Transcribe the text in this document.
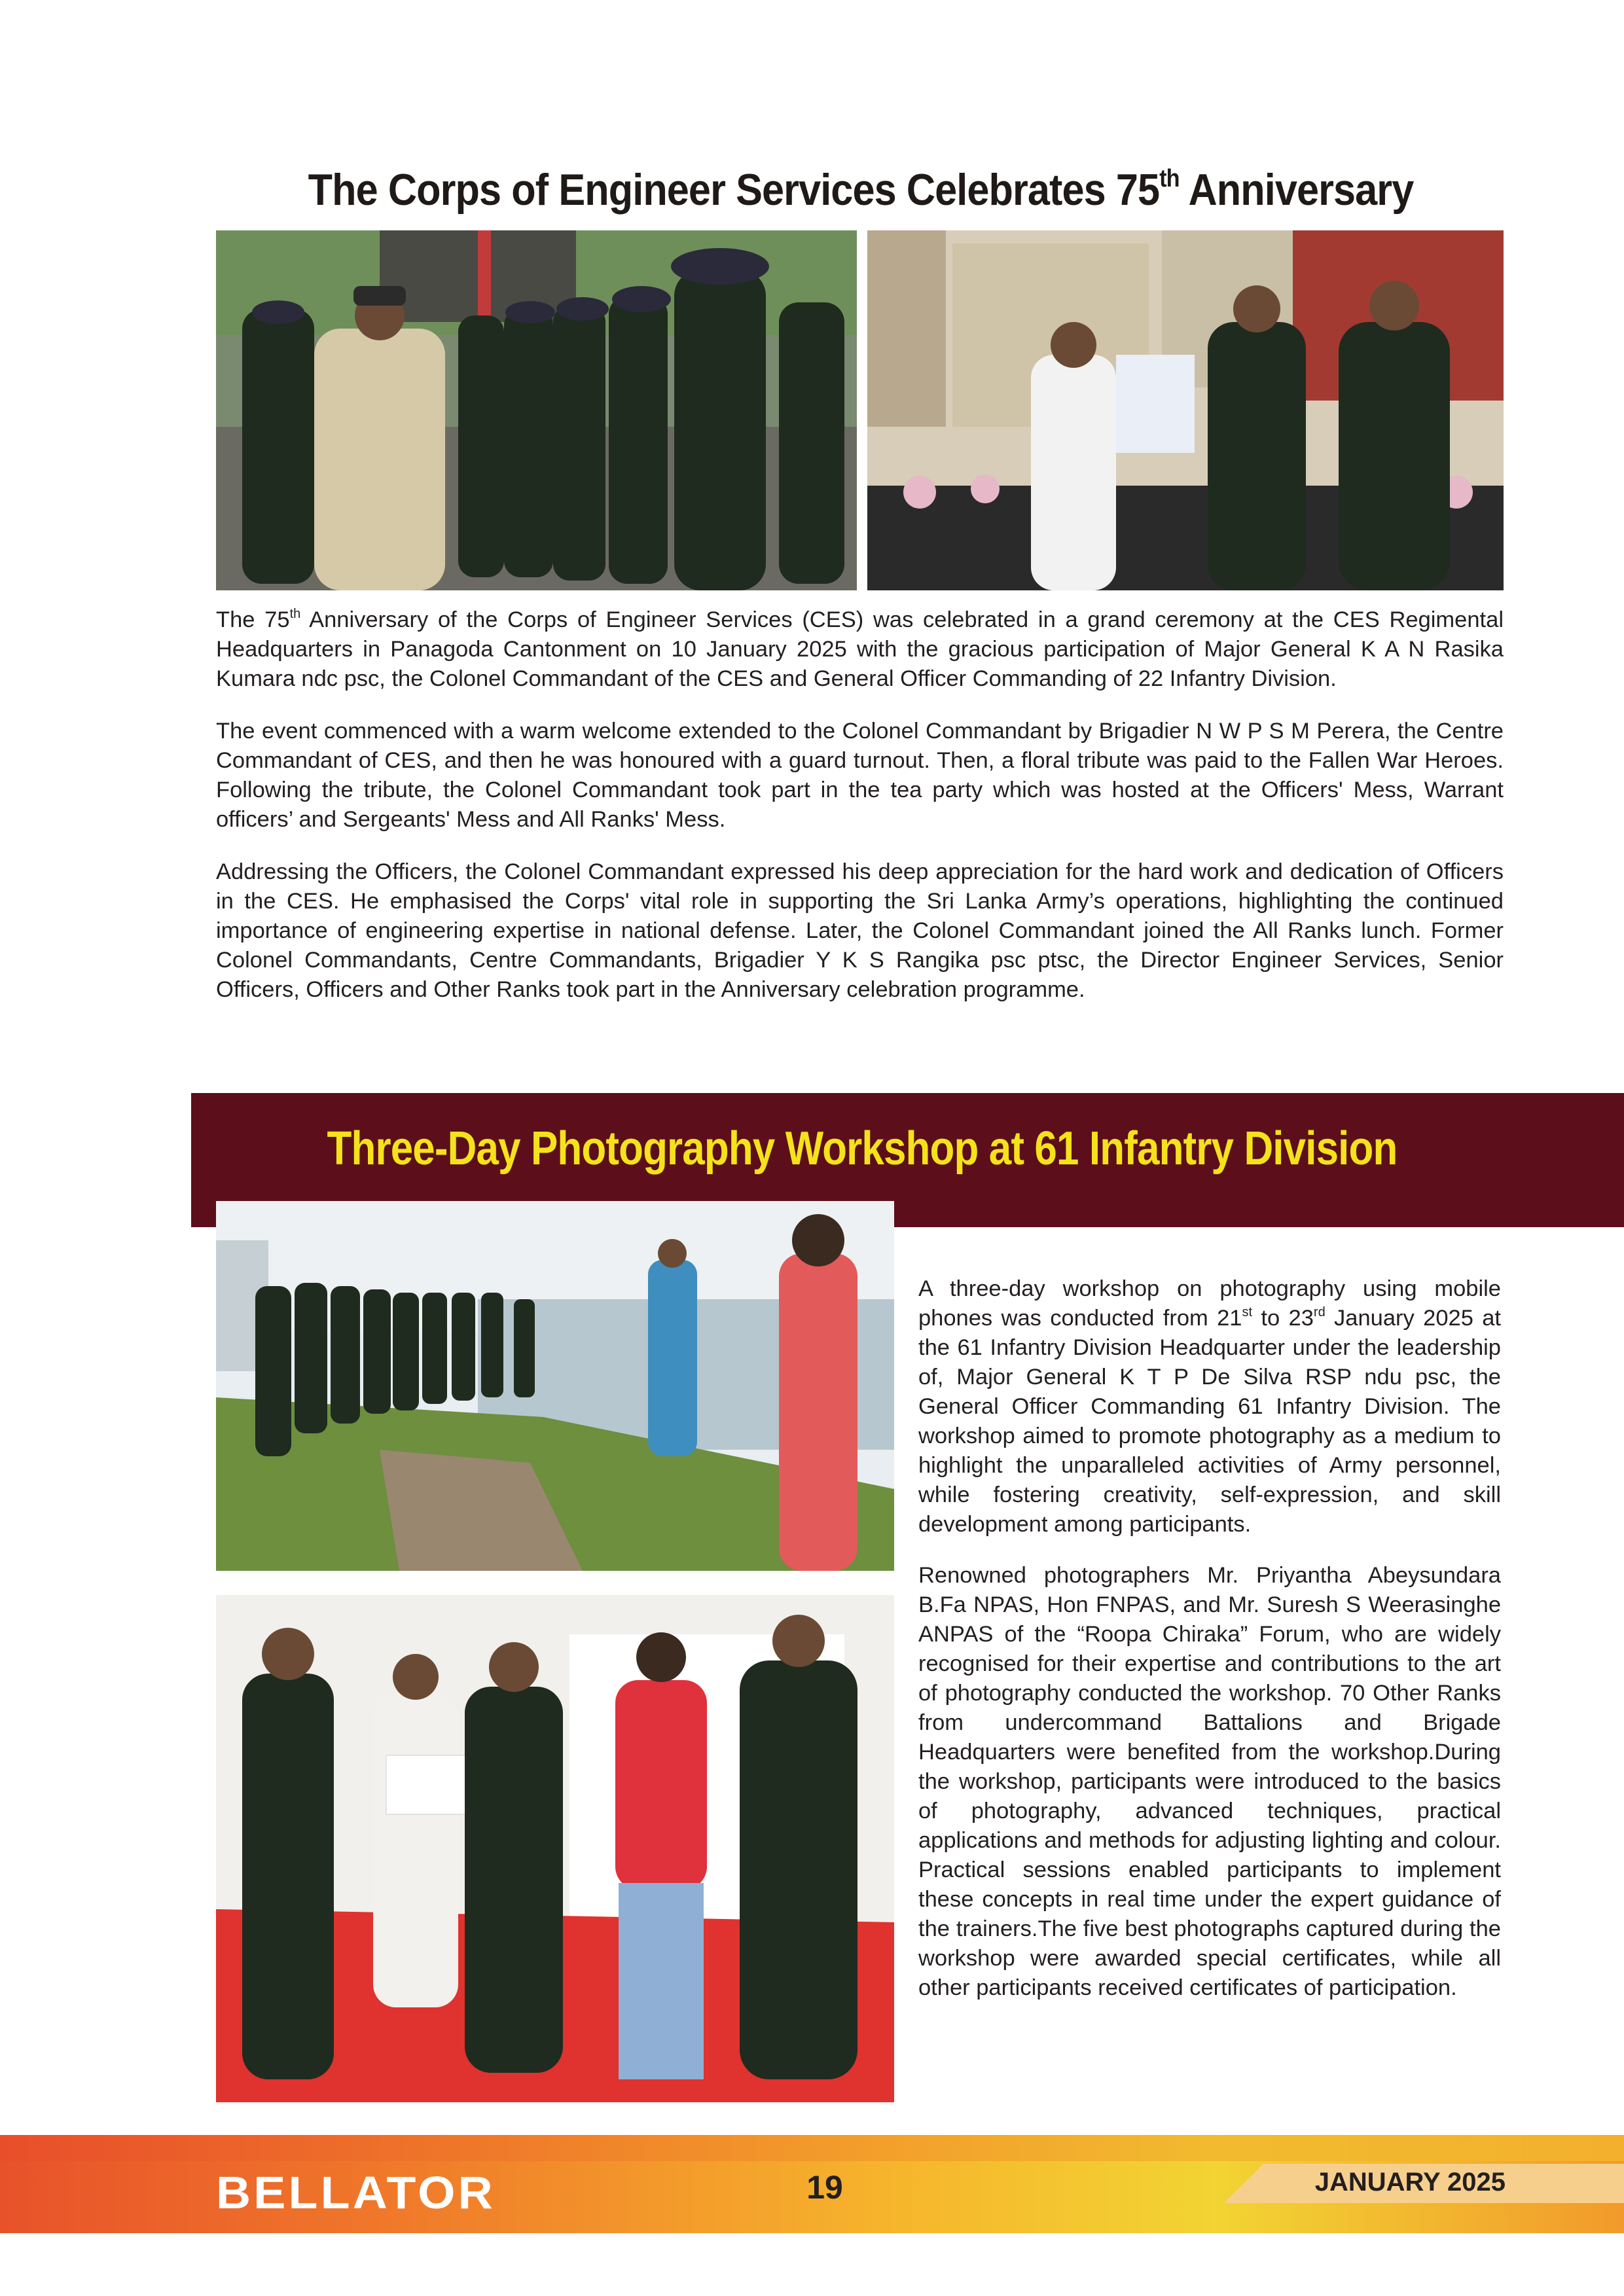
The Corps of Engineer Services Celebrates 75th Anniversary
The 75th Anniversary of the Corps of Engineer Services (CES) was celebrated in a grand ceremony at the CES Regimental Headquarters in Panagoda Cantonment on 10 January 2025 with the gracious participation of Major General K A N Rasika Kumara ndc psc, the Colonel Commandant of the CES and General Officer Commanding of 22 Infantry Division.
The event commenced with a warm welcome extended to the Colonel Commandant by Brigadier N W P S M Perera, the Centre Commandant of CES, and then he was honoured with a guard turnout. Then, a floral tribute was paid to the Fallen War Heroes. Following the tribute, the Colonel Commandant took part in the tea party which was hosted at the Officers' Mess, Warrant officers’ and Sergeants' Mess and All Ranks' Mess.
Addressing the Officers, the Colonel Commandant expressed his deep appreciation for the hard work and dedication of Officers in the CES. He emphasised the Corps' vital role in supporting the Sri Lanka Army’s operations, highlighting the continued importance of engineering expertise in national defense. Later, the Colonel Commandant joined the All Ranks lunch. Former Colonel Commandants, Centre Commandants, Brigadier Y K S Rangika psc ptsc, the Director Engineer Services, Senior Officers, Officers and Other Ranks took part in the Anniversary celebration programme.
Three-Day Photography Workshop at 61 Infantry Division
A three-day workshop on photography using mobile phones was conducted from 21st to 23rd January 2025 at the 61 Infantry Division Headquarter under the leadership of, Major General K T P De Silva RSP ndu psc, the General Officer Commanding 61 Infantry Division. The workshop aimed to promote photography as a medium to highlight the unparalleled activities of Army personnel, while fostering creativity, self-expression, and skill development among participants.
Renowned photographers Mr. Priyantha Abeysundara B.Fa NPAS, Hon FNPAS, and Mr. Suresh S Weerasinghe ANPAS of the “Roopa Chiraka” Forum, who are widely recognised for their expertise and contributions to the art of photography conducted the workshop. 70 Other Ranks from undercommand Battalions and Brigade Headquarters were benefited from the workshop.During the workshop, participants were introduced to the basics of photography, advanced techniques, practical applications and methods for adjusting lighting and colour. Practical sessions enabled participants to implement these concepts in real time under the expert guidance of the trainers.The five best photographs captured during the workshop were awarded special certificates, while all other participants received certificates of participation.
BELLATOR	19	JANUARY 2025
